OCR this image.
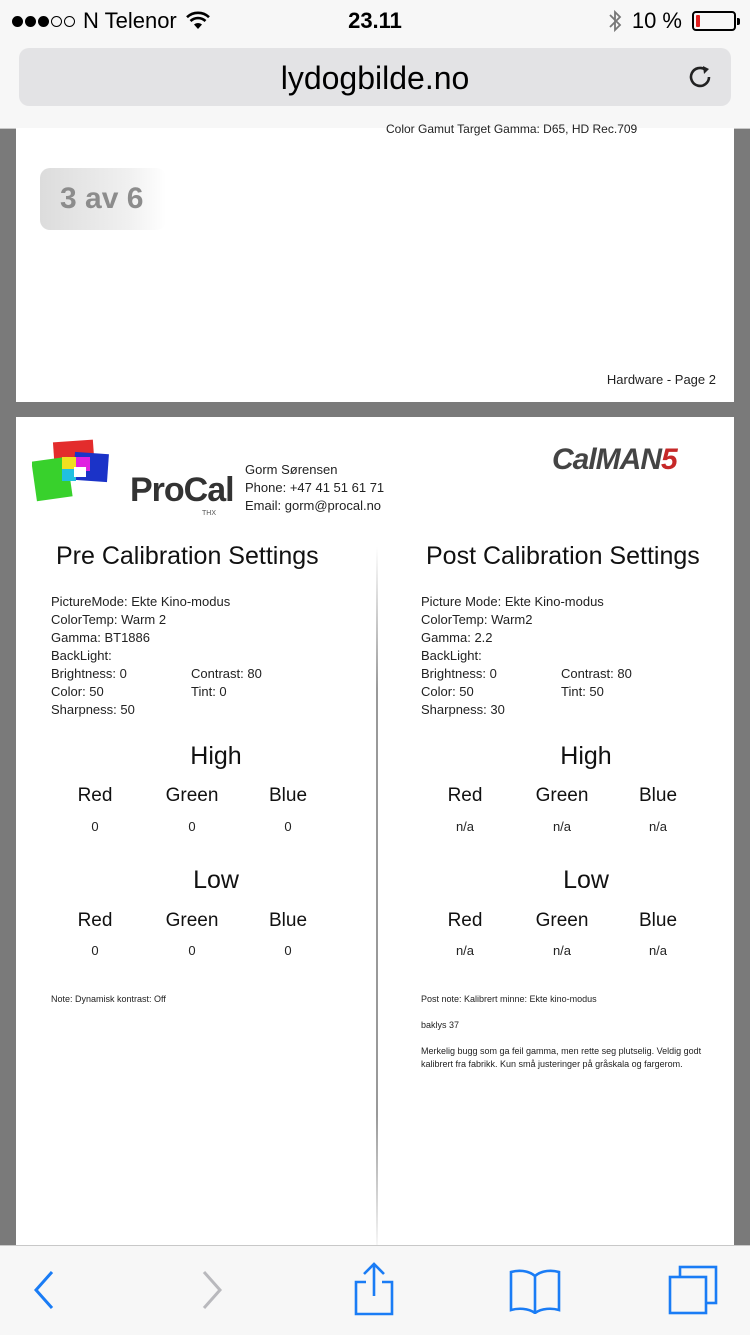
N Telenor	23.11	10 %
lydogbilde.no
Color Gamut Target Gamma: D65, HD Rec.709
3 av 6
Hardware - Page 2
ProCal
THX
Gorm Sørensen
Phone: +47 41 51 61 71
Email: gorm@procal.no
CalMAN5
Pre Calibration Settings
PictureMode: Ekte Kino-modus
ColorTemp: Warm 2
Gamma: BT1886
BackLight:
Brightness: 0	Contrast: 80
Color: 50	Tint: 0
Sharpness: 50
High
Red	Green	Blue
0	0	0
Low
Red	Green	Blue
0	0	0
Note: Dynamisk kontrast: Off
Post Calibration Settings
Picture Mode: Ekte Kino-modus
ColorTemp: Warm2
Gamma: 2.2
BackLight:
Brightness: 0	Contrast: 80
Color: 50	Tint: 50
Sharpness: 30
High
Red	Green	Blue
n/a	n/a	n/a
Low
Red	Green	Blue
n/a	n/a	n/a
Post note: Kalibrert minne: Ekte kino-modus
baklys 37
Merkelig bugg som ga feil gamma, men rette seg plutselig. Veldig godt kalibrert fra fabrikk. Kun små justeringer på gråskala og fargerom.
